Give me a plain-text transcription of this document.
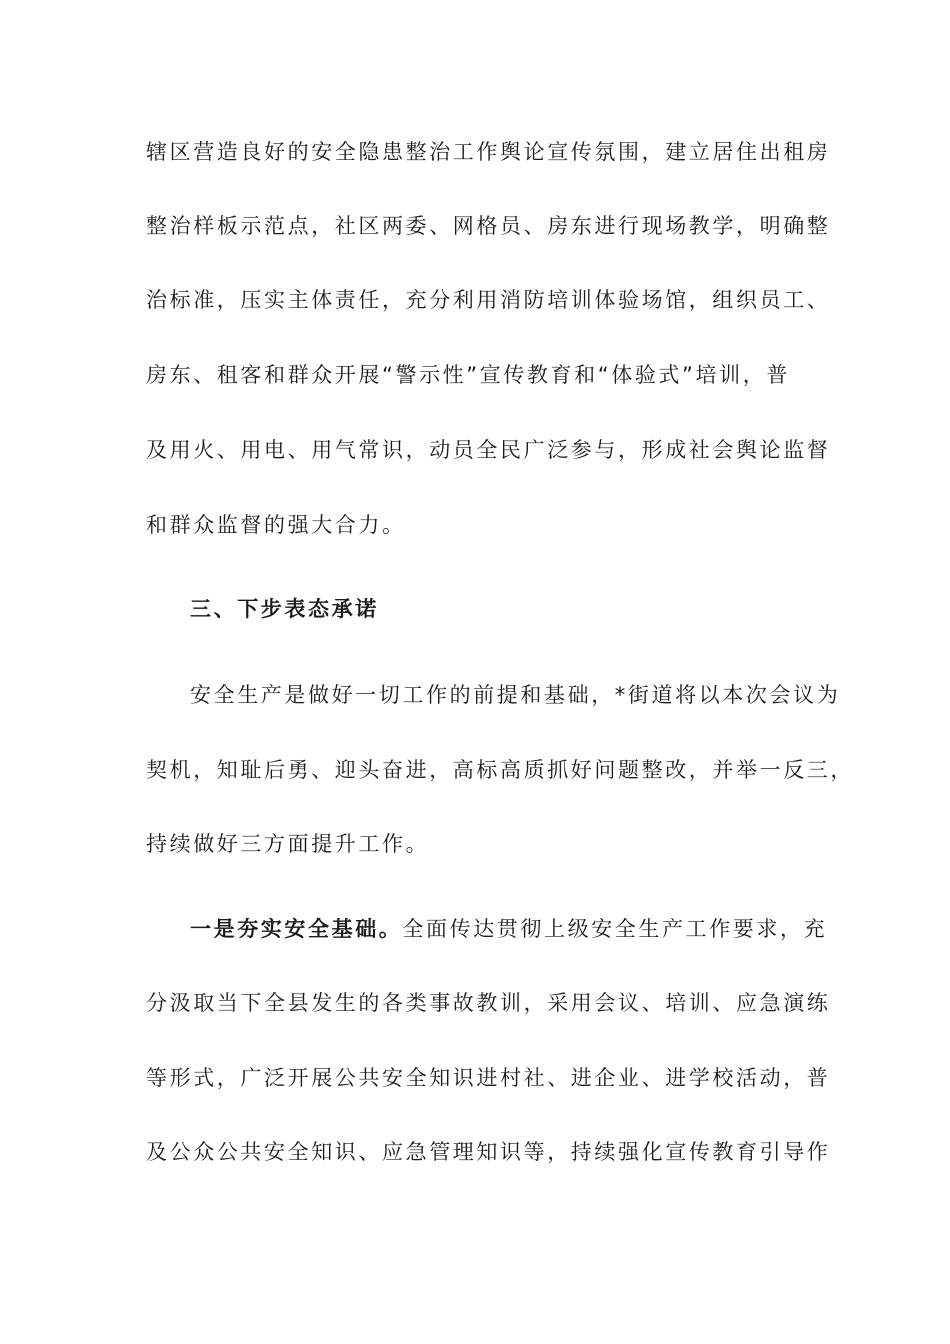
辖区营造良好的安全隐患整治工作舆论宣传氛围，建立居住出租房
整治样板示范点，社区两委、网格员、房东进行现场教学，明确整
治标准，压实主体责任，充分利用消防培训体验场馆，组织员工、
房东、租客和群众开展“警示性”宣传教育和“体验式”培训，普
及用火、用电、用气常识，动员全民广泛参与，形成社会舆论监督
和群众监督的强大合力。
三、下步表态承诺
安全生产是做好一切工作的前提和基础，*街道将以本次会议为
契机，知耻后勇、迎头奋进，高标高质抓好问题整改，并举一反三，
持续做好三方面提升工作。
一是夯实安全基础。全面传达贯彻上级安全生产工作要求，充
分汲取当下全县发生的各类事故教训，采用会议、培训、应急演练
等形式，广泛开展公共安全知识进村社、进企业、进学校活动，普
及公众公共安全知识、应急管理知识等，持续强化宣传教育引导作
